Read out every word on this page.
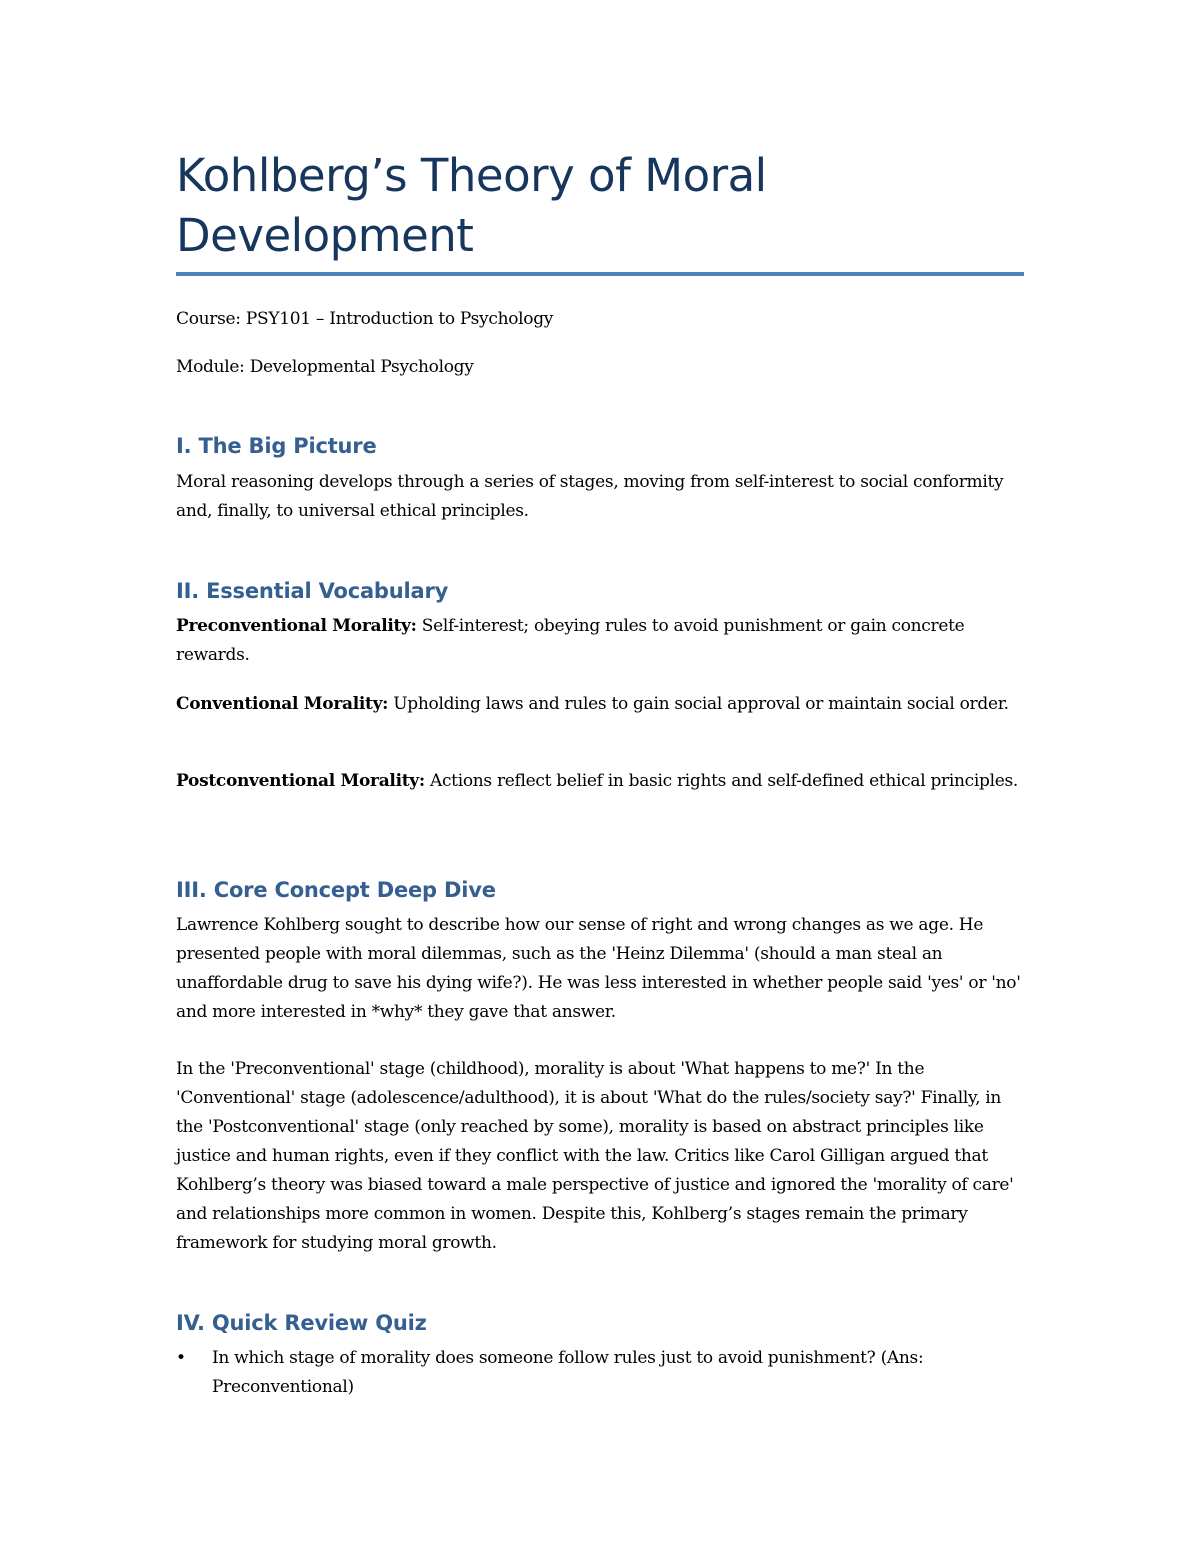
Kohlberg’s Theory of Moral Development

Course: PSY101 – Introduction to Psychology

Module: Developmental Psychology

I. The Big Picture

Moral reasoning develops through a series of stages, moving from self-interest to social conformity and, finally, to universal ethical principles.

II. Essential Vocabulary

Preconventional Morality: Self-interest; obeying rules to avoid punishment or gain concrete rewards.

Conventional Morality: Upholding laws and rules to gain social approval or maintain social order.

Postconventional Morality: Actions reflect belief in basic rights and self-defined ethical principles.

III. Core Concept Deep Dive

Lawrence Kohlberg sought to describe how our sense of right and wrong changes as we age. He presented people with moral dilemmas, such as the 'Heinz Dilemma' (should a man steal an unaffordable drug to save his dying wife?). He was less interested in whether people said 'yes' or 'no' and more interested in *why* they gave that answer.

In the 'Preconventional' stage (childhood), morality is about 'What happens to me?' In the 'Conventional' stage (adolescence/adulthood), it is about 'What do the rules/society say?' Finally, in the 'Postconventional' stage (only reached by some), morality is based on abstract principles like justice and human rights, even if they conflict with the law. Critics like Carol Gilligan argued that Kohlberg’s theory was biased toward a male perspective of justice and ignored the 'morality of care' and relationships more common in women. Despite this, Kohlberg’s stages remain the primary framework for studying moral growth.

IV. Quick Review Quiz
• In which stage of morality does someone follow rules just to avoid punishment? (Ans: Preconventional)
